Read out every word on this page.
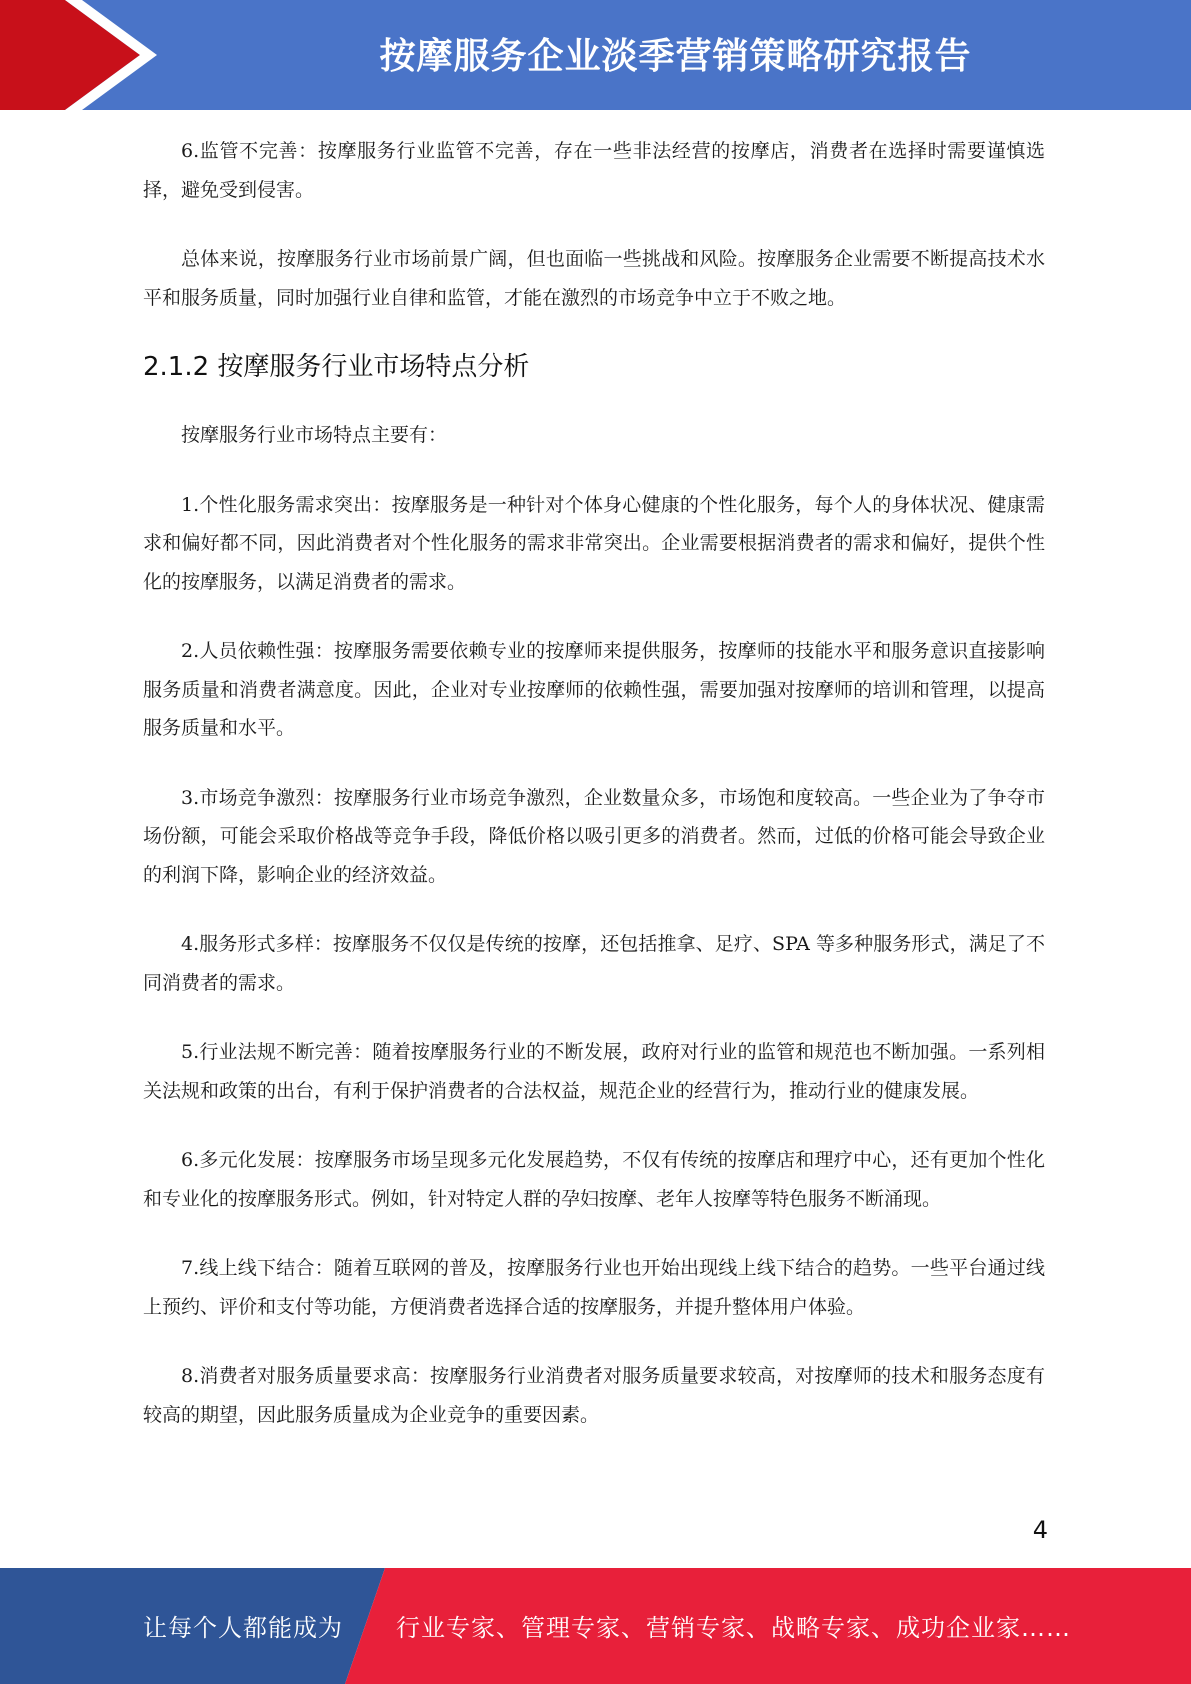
按摩服务企业淡季营销策略研究报告

6.监管不完善：按摩服务行业监管不完善，存在一些非法经营的按摩店，消费者在选择时需要谨慎选择，避免受到侵害。

总体来说，按摩服务行业市场前景广阔，但也面临一些挑战和风险。按摩服务企业需要不断提高技术水平和服务质量，同时加强行业自律和监管，才能在激烈的市场竞争中立于不败之地。

2.1.2 按摩服务行业市场特点分析

按摩服务行业市场特点主要有：

1.个性化服务需求突出：按摩服务是一种针对个体身心健康的个性化服务，每个人的身体状况、健康需求和偏好都不同，因此消费者对个性化服务的需求非常突出。企业需要根据消费者的需求和偏好，提供个性化的按摩服务，以满足消费者的需求。

2.人员依赖性强：按摩服务需要依赖专业的按摩师来提供服务，按摩师的技能水平和服务意识直接影响服务质量和消费者满意度。因此，企业对专业按摩师的依赖性强，需要加强对按摩师的培训和管理，以提高服务质量和水平。

3.市场竞争激烈：按摩服务行业市场竞争激烈，企业数量众多，市场饱和度较高。一些企业为了争夺市场份额，可能会采取价格战等竞争手段，降低价格以吸引更多的消费者。然而，过低的价格可能会导致企业的利润下降，影响企业的经济效益。

4.服务形式多样：按摩服务不仅仅是传统的按摩，还包括推拿、足疗、SPA 等多种服务形式，满足了不同消费者的需求。

5.行业法规不断完善：随着按摩服务行业的不断发展，政府对行业的监管和规范也不断加强。一系列相关法规和政策的出台，有利于保护消费者的合法权益，规范企业的经营行为，推动行业的健康发展。

6.多元化发展：按摩服务市场呈现多元化发展趋势，不仅有传统的按摩店和理疗中心，还有更加个性化和专业化的按摩服务形式。例如，针对特定人群的孕妇按摩、老年人按摩等特色服务不断涌现。

7.线上线下结合：随着互联网的普及，按摩服务行业也开始出现线上线下结合的趋势。一些平台通过线上预约、评价和支付等功能，方便消费者选择合适的按摩服务，并提升整体用户体验。

8.消费者对服务质量要求高：按摩服务行业消费者对服务质量要求较高，对按摩师的技术和服务态度有较高的期望，因此服务质量成为企业竞争的重要因素。

4
让每个人都能成为 行业专家、管理专家、营销专家、战略专家、成功企业家……
